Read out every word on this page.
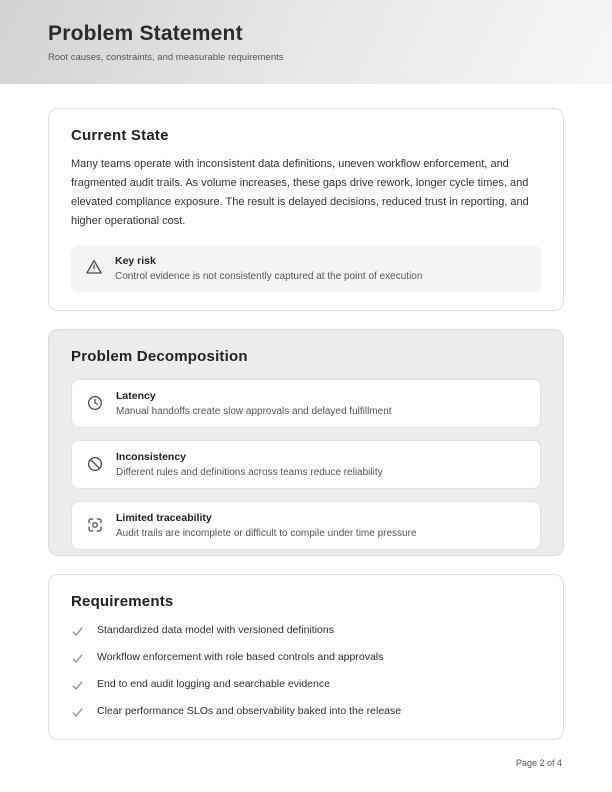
Problem Statement

Root causes, constraints, and measurable requirements

Current State

Many teams operate with inconsistent data definitions, uneven workflow enforcement, and fragmented audit trails. As volume increases, these gaps drive rework, longer cycle times, and elevated compliance exposure. The result is delayed decisions, reduced trust in reporting, and higher operational cost.

Key risk

Control evidence is not consistently captured at the point of execution

Problem Decomposition

Latency

Manual handoffs create slow approvals and delayed fulfillment

Inconsistency

Different rules and definitions across teams reduce reliability

Limited traceability

Audit trails are incomplete or difficult to compile under time pressure

Requirements
Standardized data model with versioned definitions
Workflow enforcement with role based controls and approvals
End to end audit logging and searchable evidence
Clear performance SLOs and observability baked into the release
Page 2 of 4
